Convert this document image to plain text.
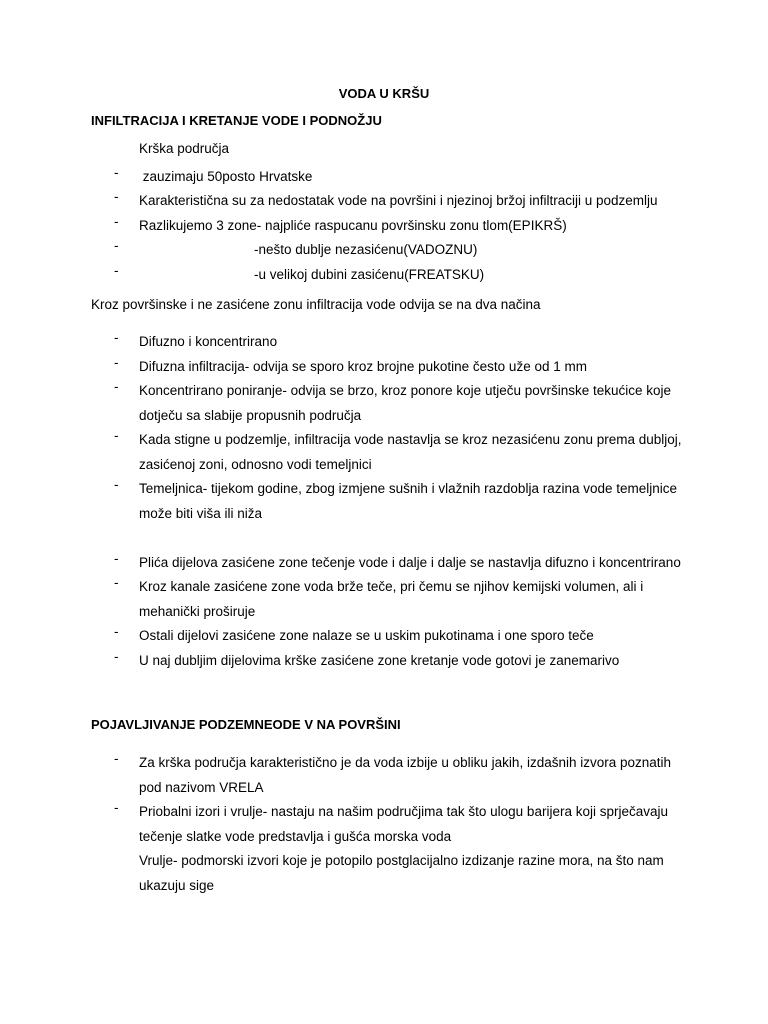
VODA U KRŠU
INFILTRACIJA I KRETANJE VODE I PODNOŽJU
Krška područja
- zauzimaju 50posto Hrvatske
- Karakteristična su za nedostatak vode na površini i njezinoj bržoj infiltraciji u podzemlju
- Razlikujemo 3 zone- najpliće raspucanu površinsku zonu tlom(EPIKRŠ)
-	-nešto dublje nezasićenu(VADOZNU)
-	-u velikoj dubini zasićenu(FREATSKU)
Kroz površinske i ne zasićene zonu infiltracija vode odvija se na dva načina
- Difuzno i koncentrirano
- Difuzna infiltracija- odvija se sporo kroz brojne pukotine često uže od 1 mm
- Koncentrirano poniranje- odvija se brzo, kroz ponore koje utječu površinske tekućice koje dotječu sa slabije propusnih područja
- Kada stigne u podzemlje, infiltracija vode nastavlja se kroz nezasićenu zonu prema dubljoj, zasićenoj zoni, odnosno vodi temeljnici
- Temeljnica- tijekom godine, zbog izmjene sušnih i vlažnih razdoblja razina vode temeljnice može biti viša ili niža
- Plića dijelova zasićene zone tečenje vode i dalje i dalje se nastavlja difuzno i koncentrirano
- Kroz kanale zasićene zone voda brže teče, pri čemu se njihov kemijski volumen, ali i mehanički proširuje
- Ostali dijelovi zasićene zone nalaze se u uskim pukotinama i one sporo teče
- U naj dubljim dijelovima krške zasićene zone kretanje vode gotovi je zanemarivo
POJAVLJIVANJE PODZEMNEODE V NA POVRŠINI
- Za krška područja karakteristično je da voda izbije u obliku jakih, izdašnih izvora poznatih pod nazivom VRELA
- Priobalni izori i vrulje- nastaju na našim područjima tak što ulogu barijera koji sprječavaju tečenje slatke vode predstavlja i gušća morska voda
Vrulje- podmorski izvori koje je potopilo postglacijalno izdizanje razine mora, na što nam ukazuju sige
